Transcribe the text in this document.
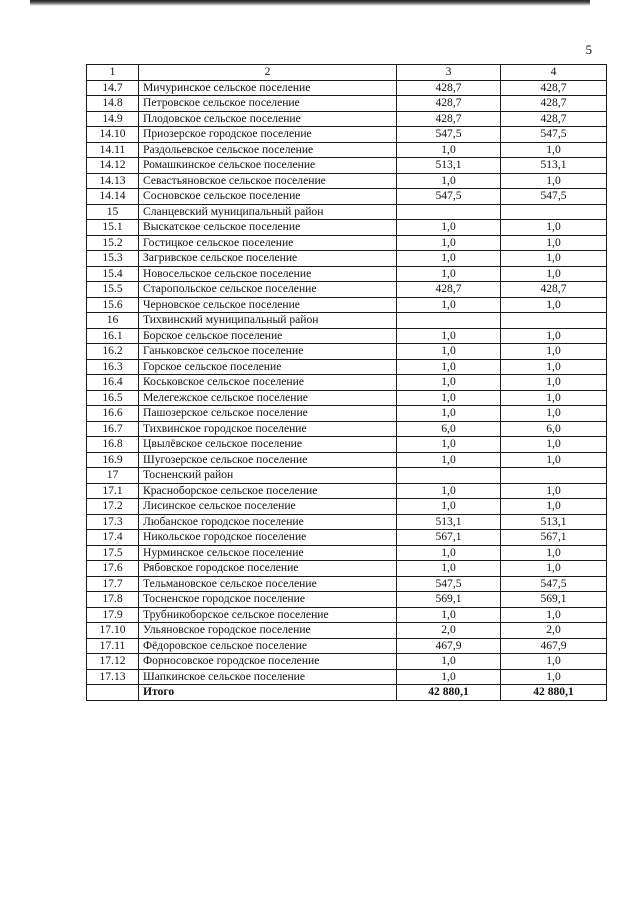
5
1	2	3	4
14.7	Мичуринское сельское поселение	428,7	428,7
14.8	Петровское сельское поселение	428,7	428,7
14.9	Плодовское сельское поселение	428,7	428,7
14.10	Приозерское городское поселение	547,5	547,5
14.11	Раздольевское сельское поселение	1,0	1,0
14.12	Ромашкинское сельское поселение	513,1	513,1
14.13	Севастьяновское сельское поселение	1,0	1,0
14.14	Сосновское сельское поселение	547,5	547,5
15	Сланцевский муниципальный район		
15.1	Выскатское сельское поселение	1,0	1,0
15.2	Гостицкое сельское поселение	1,0	1,0
15.3	Загривское сельское поселение	1,0	1,0
15.4	Новосельское сельское поселение	1,0	1,0
15.5	Старопольское сельское поселение	428,7	428,7
15.6	Черновское сельское поселение	1,0	1,0
16	Тихвинский муниципальный район		
16.1	Борское сельское поселение	1,0	1,0
16.2	Ганьковское сельское поселение	1,0	1,0
16.3	Горское сельское поселение	1,0	1,0
16.4	Коськовское сельское поселение	1,0	1,0
16.5	Мелегежское сельское поселение	1,0	1,0
16.6	Пашозерское сельское поселение	1,0	1,0
16.7	Тихвинское городское поселение	6,0	6,0
16.8	Цвылёвское сельское поселение	1,0	1,0
16.9	Шугозерское сельское поселение	1,0	1,0
17	Тосненский район		
17.1	Красноборское сельское поселение	1,0	1,0
17.2	Лисинское сельское поселение	1,0	1,0
17.3	Любанское городское поселение	513,1	513,1
17.4	Никольское городское поселение	567,1	567,1
17.5	Нурминское сельское поселение	1,0	1,0
17.6	Рябовское городское поселение	1,0	1,0
17.7	Тельмановское сельское поселение	547,5	547,5
17.8	Тосненское городское поселение	569,1	569,1
17.9	Трубникоборское сельское поселение	1,0	1,0
17.10	Ульяновское городское поселение	2,0	2,0
17.11	Фёдоровское сельское поселение	467,9	467,9
17.12	Форносовское городское поселение	1,0	1,0
17.13	Шапкинское сельское поселение	1,0	1,0
	Итого	42 880,1	42 880,1
